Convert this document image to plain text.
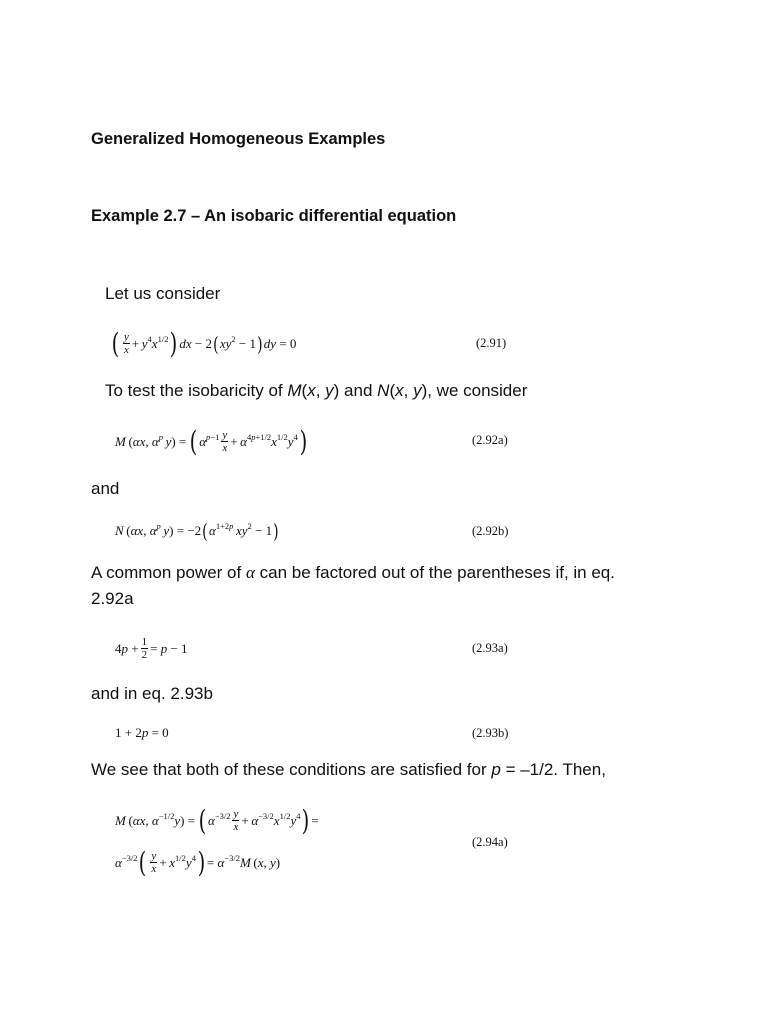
Generalized Homogeneous Examples
Example 2.7 – An isobaric differential equation
Let us consider
( $\frac{y}{x} + y^4x^{1/2}$ ) dx − 2 ( $xy^2 - 1$ ) dy = 0	(2.91)
To test the isobaricity of M(x, y) and N(x, y), we consider
M (αx, $\alpha^p$  y) = ( $\alpha^{p-1} \frac{y}{x} + \alpha^{4p+1/2}x^{1/2}y^4$ )	(2.92a)
and
N (αx, $\alpha^p$  y) = −2 ( $\alpha^{1+2p}$  $xy^2 - 1$ )	(2.92b)
A common power of α can be factored out of the parentheses if, in eq.
2.92a
$4p + \frac{1}{2} = p - 1$	(2.93a)
and in eq. 2.93b
1 + 2p = 0	(2.93b)
We see that both of these conditions are satisfied for p = –1/2. Then,
M (αx, $\alpha^{-1/2}y$) = ( $\alpha^{-3/2} \frac{y}{x} + \alpha^{-3/2}x^{1/2}y^4$ ) =
$\alpha^{-3/2}$ ( $\frac{y}{x} + x^{1/2}y^4$ ) = $\alpha^{-3/2}M$ (x, y)
(2.94a)
